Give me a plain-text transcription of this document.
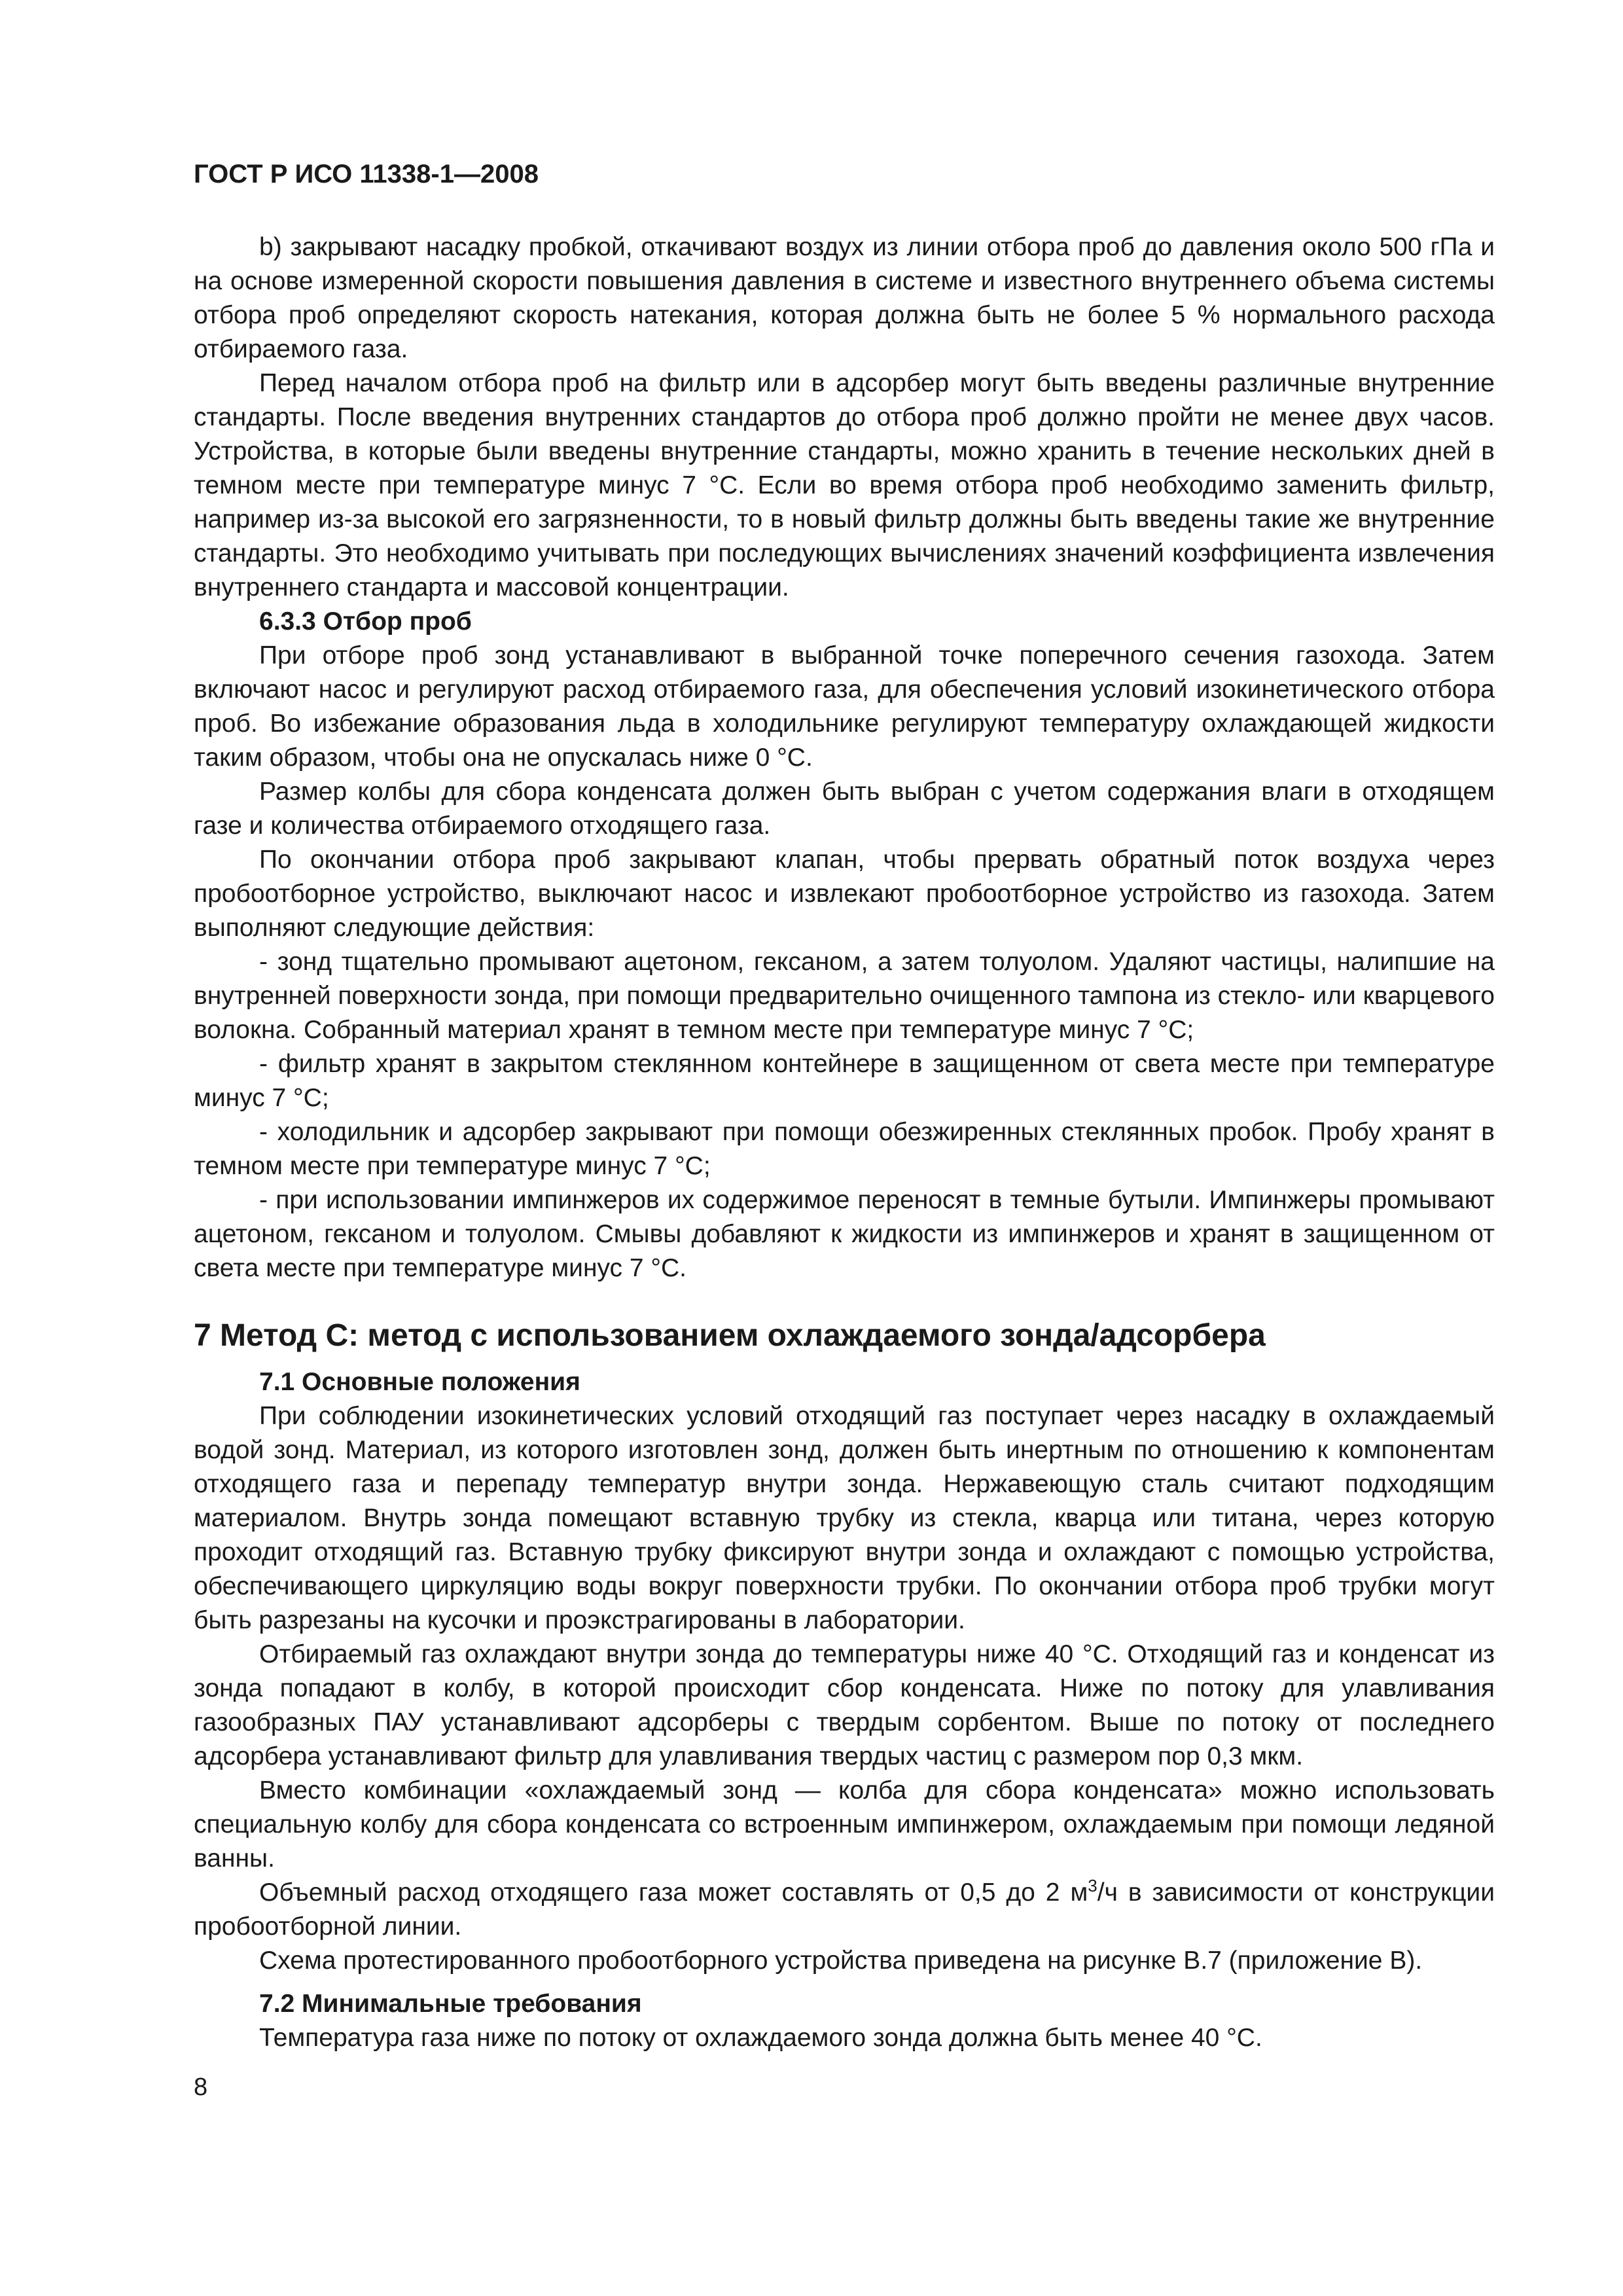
ГОСТ Р ИСО 11338-1—2008

b) закрывают насадку пробкой, откачивают воздух из линии отбора проб до давления около 500 гПа и на основе измеренной скорости повышения давления в системе и известного внутреннего объема системы отбора проб определяют скорость натекания, которая должна быть не более 5 % нормального расхода отбираемого газа.

Перед началом отбора проб на фильтр или в адсорбер могут быть введены различные внутренние стандарты. После введения внутренних стандартов до отбора проб должно пройти не менее двух часов. Устройства, в которые были введены внутренние стандарты, можно хранить в течение нескольких дней в темном месте при температуре минус 7 °С. Если во время отбора проб необходимо заменить фильтр, например из-за высокой его загрязненности, то в новый фильтр должны быть введены такие же внутренние стандарты. Это необходимо учитывать при последующих вычислениях значений коэффициента извлечения внутреннего стандарта и массовой концентрации.

6.3.3 Отбор проб

При отборе проб зонд устанавливают в выбранной точке поперечного сечения газохода. Затем включают насос и регулируют расход отбираемого газа, для обеспечения условий изокинетического отбора проб. Во избежание образования льда в холодильнике регулируют температуру охлаждающей жидкости таким образом, чтобы она не опускалась ниже 0 °С.

Размер колбы для сбора конденсата должен быть выбран с учетом содержания влаги в отходящем газе и количества отбираемого отходящего газа.

По окончании отбора проб закрывают клапан, чтобы прервать обратный поток воздуха через пробоотборное устройство, выключают насос и извлекают пробоотборное устройство из газохода. Затем выполняют следующие действия:

- зонд тщательно промывают ацетоном, гексаном, а затем толуолом. Удаляют частицы, налипшие на внутренней поверхности зонда, при помощи предварительно очищенного тампона из стекло- или кварцевого волокна. Собранный материал хранят в темном месте при температуре минус 7 °С;

- фильтр хранят в закрытом стеклянном контейнере в защищенном от света месте при температуре минус 7 °С;

- холодильник и адсорбер закрывают при помощи обезжиренных стеклянных пробок. Пробу хранят в темном месте при температуре минус 7 °С;

- при использовании импинжеров их содержимое переносят в темные бутыли. Импинжеры промывают ацетоном, гексаном и толуолом. Смывы добавляют к жидкости из импинжеров и хранят в защищенном от света месте при температуре минус 7 °С.

7 Метод С: метод с использованием охлаждаемого зонда/адсорбера
7.1 Основные положения

При соблюдении изокинетических условий отходящий газ поступает через насадку в охлаждаемый водой зонд. Материал, из которого изготовлен зонд, должен быть инертным по отношению к компонентам отходящего газа и перепаду температур внутри зонда. Нержавеющую сталь считают подходящим материалом. Внутрь зонда помещают вставную трубку из стекла, кварца или титана, через которую проходит отходящий газ. Вставную трубку фиксируют внутри зонда и охлаждают с помощью устройства, обеспечивающего циркуляцию воды вокруг поверхности трубки. По окончании отбора проб трубки могут быть разрезаны на кусочки и проэкстрагированы в лаборатории.

Отбираемый газ охлаждают внутри зонда до температуры ниже 40 °С. Отходящий газ и конденсат из зонда попадают в колбу, в которой происходит сбор конденсата. Ниже по потоку для улавливания газообразных ПАУ устанавливают адсорберы с твердым сорбентом. Выше по потоку от последнего адсорбера устанавливают фильтр для улавливания твердых частиц с размером пор 0,3 мкм.

Вместо комбинации «охлаждаемый зонд — колба для сбора конденсата» можно использовать специальную колбу для сбора конденсата со встроенным импинжером, охлаждаемым при помощи ледяной ванны.

Объемный расход отходящего газа может составлять от 0,5 до 2 $м^3/ч$ в зависимости от конструкции пробоотборной линии.

Схема протестированного пробоотборного устройства приведена на рисунке В.7 (приложение В).

7.2 Минимальные требования

Температура газа ниже по потоку от охлаждаемого зонда должна быть менее 40 °С.

8
